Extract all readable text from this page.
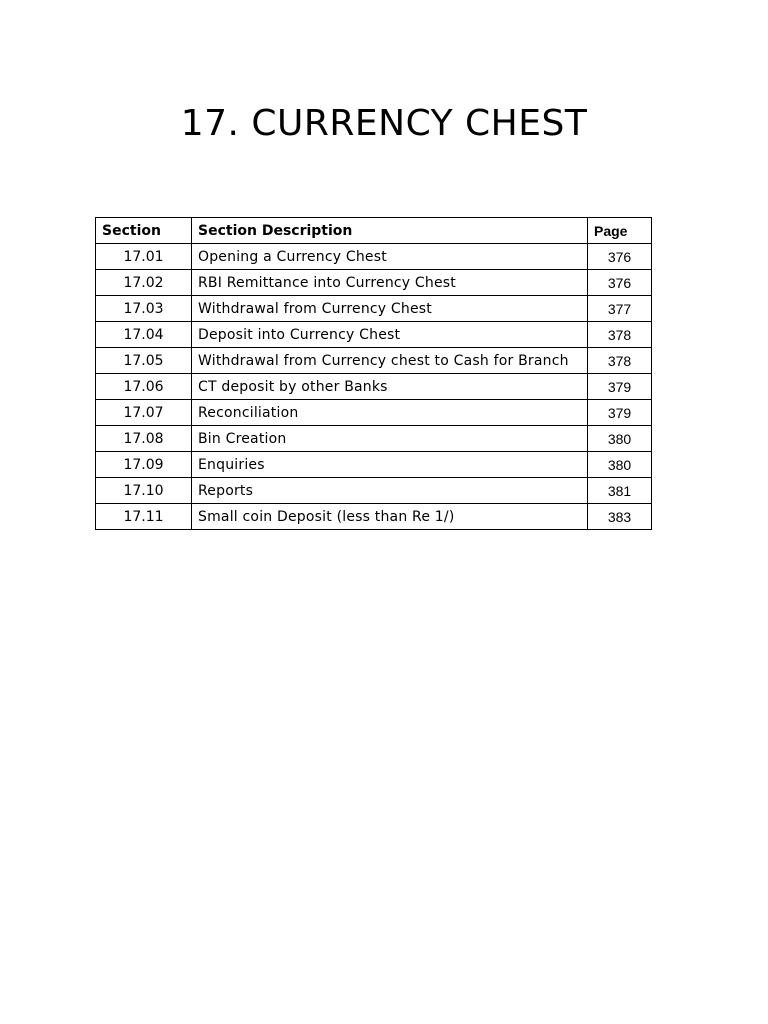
17. CURRENCY CHEST
Section	Section Description	Page
17.01	Opening a Currency Chest	376
17.02	RBI Remittance into Currency Chest	376
17.03	Withdrawal from Currency Chest	377
17.04	Deposit into Currency Chest	378
17.05	Withdrawal from Currency chest to Cash for Branch	378
17.06	CT deposit by other Banks	379
17.07	Reconciliation	379
17.08	Bin Creation	380
17.09	Enquiries	380
17.10	Reports	381
17.11	Small coin Deposit (less than Re 1/)	383
